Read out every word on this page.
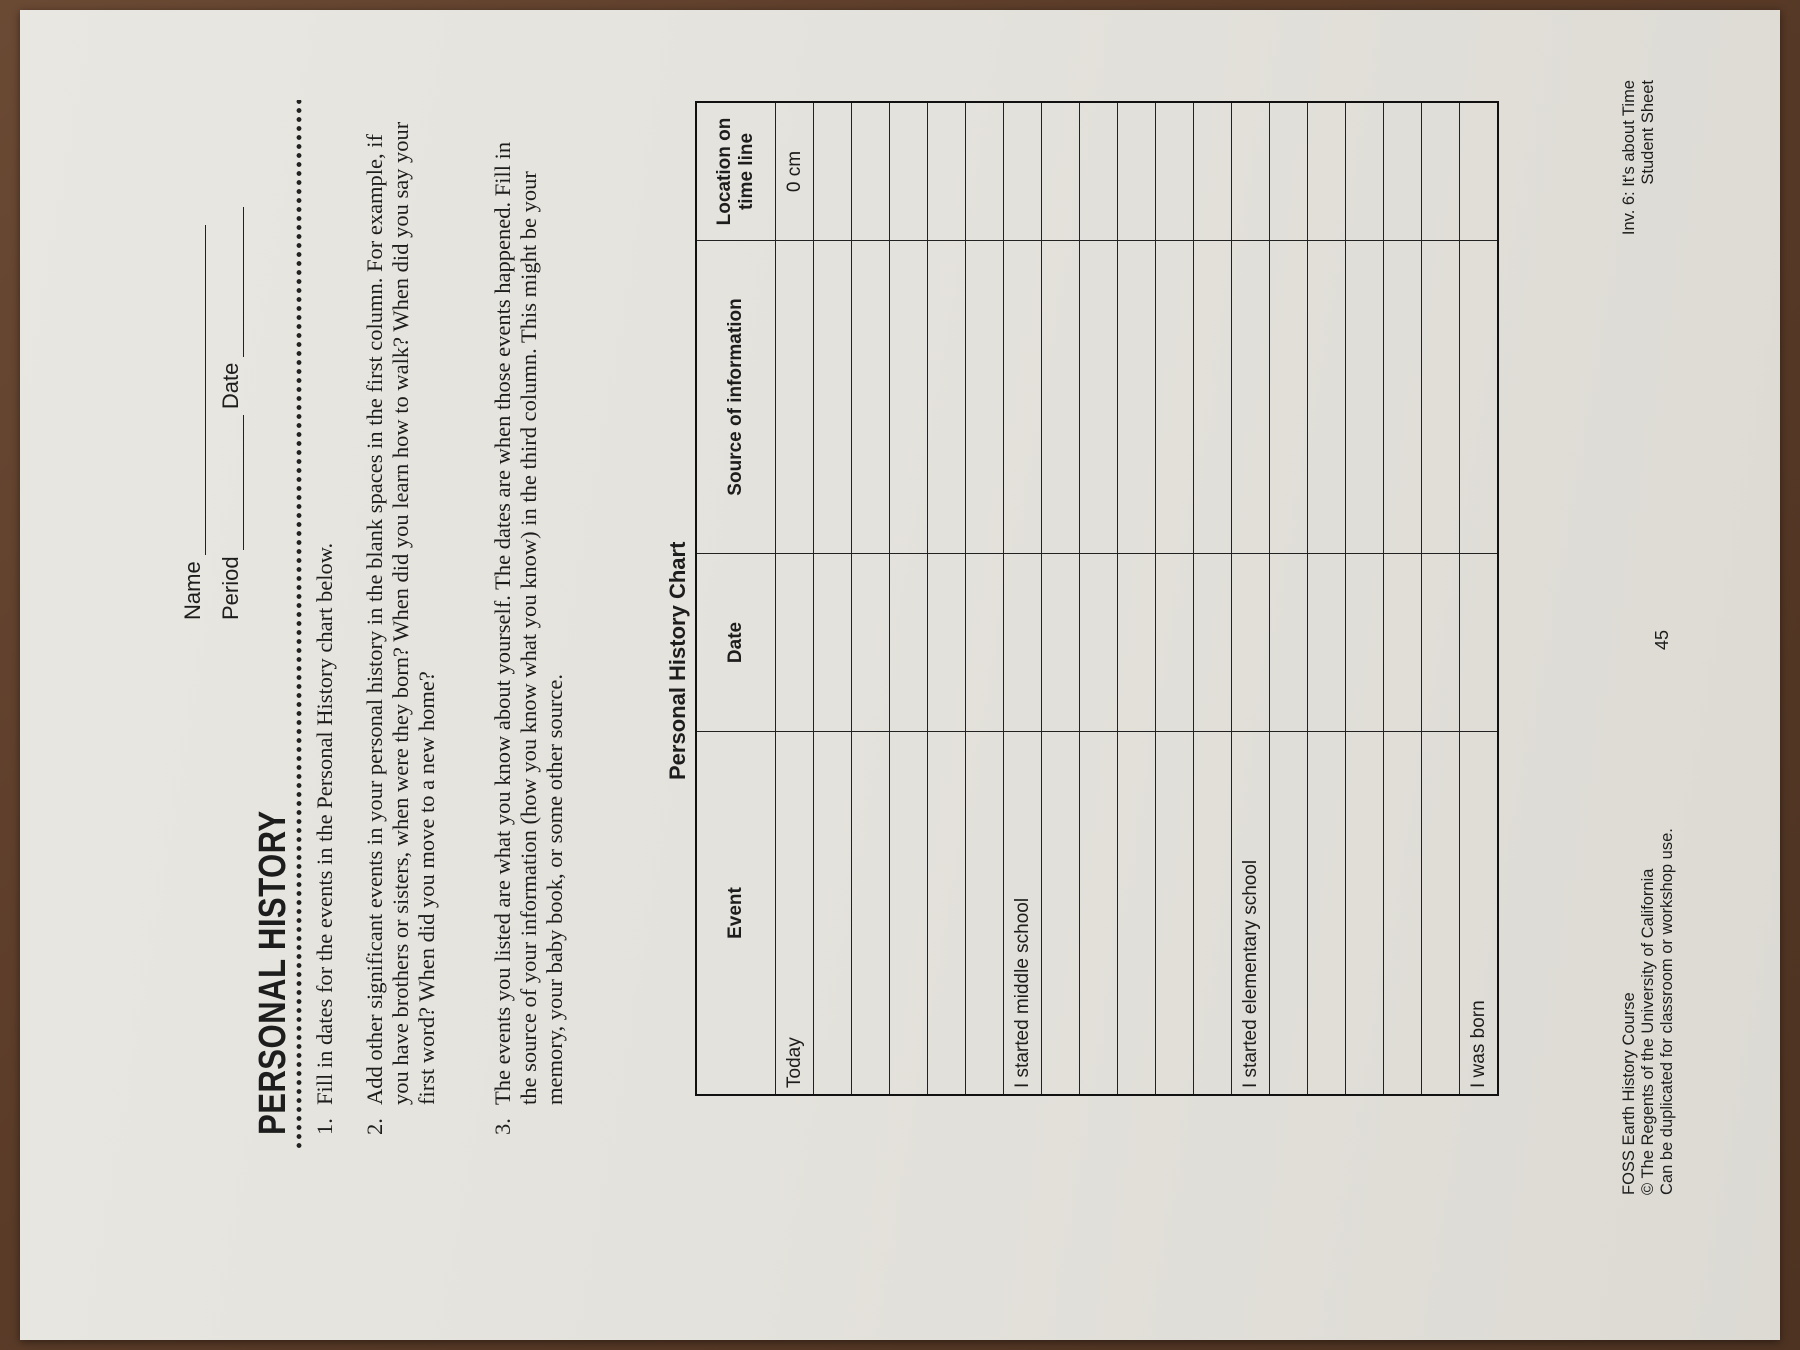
Name Period  Date
PERSONAL HISTORY 1.
Fill in dates for the events in the Personal History chart below.
2.
Add other significant events in your personal history in the blank spaces in the first column. For example, if you have brothers or sisters, when were they born? When did you learn how to walk? When did you say your first word? When did you move to a new home?
3.
The events you listed are what you know about yourself. The dates are when those events happened. Fill in the source of your information (how you know what you know) in the third column. This might be your memory, your baby book, or some other source.
Personal History Chart
Event	Date	Source of information	Location on time line
Today			0 cm

I started middle school			

I started elementary school			

I was born				FOSS Earth History Course © The Regents of the University of California Can be duplicated for classroom or workshop use.
45
Inv. 6: It's about Time Student Sheet
